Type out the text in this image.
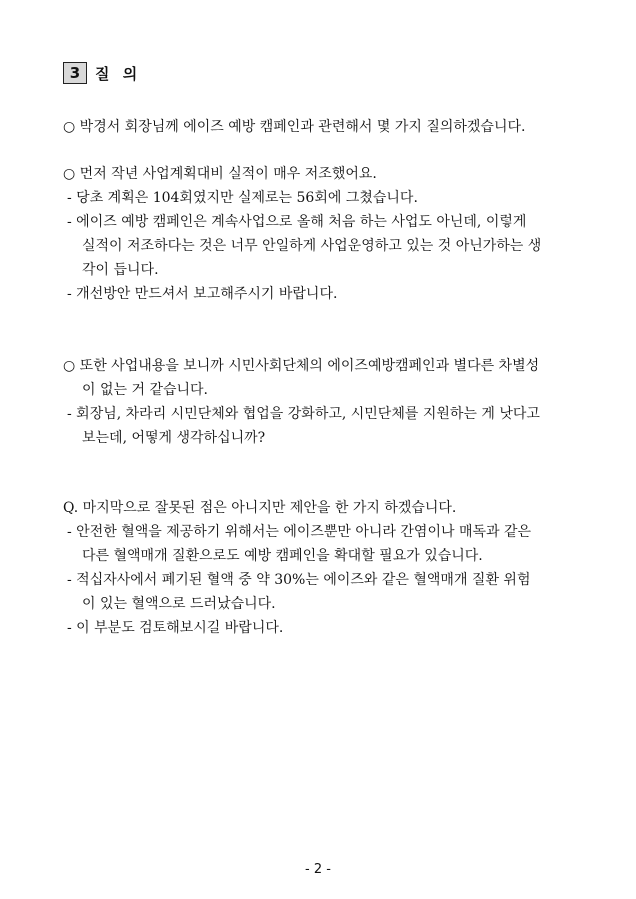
3 질 의
○ 박경서 회장님께 에이즈 예방 캠페인과 관련해서 몇 가지 질의하겠습니다.
○ 먼저 작년 사업계획대비 실적이 매우 저조했어요.
- 당초 계획은 104회였지만 실제로는 56회에 그쳤습니다.
- 에이즈 예방 캠페인은 계속사업으로 올해 처음 하는 사업도 아닌데, 이렇게
실적이 저조하다는 것은 너무 안일하게 사업운영하고 있는 것 아닌가하는 생
각이 듭니다.
- 개선방안 만드셔서 보고해주시기 바랍니다.
○ 또한 사업내용을 보니까 시민사회단체의 에이즈예방캠페인과 별다른 차별성
이 없는 거 같습니다.
- 회장님, 차라리 시민단체와 협업을 강화하고, 시민단체를 지원하는 게 낫다고
보는데, 어떻게 생각하십니까?
Q. 마지막으로 잘못된 점은 아니지만 제안을 한 가지 하겠습니다.
- 안전한 혈액을 제공하기 위해서는 에이즈뿐만 아니라 간염이나 매독과 같은
다른 혈액매개 질환으로도 예방 캠페인을 확대할 필요가 있습니다.
- 적십자사에서 폐기된 혈액 중 약 30%는 에이즈와 같은 혈액매개 질환 위험
이 있는 혈액으로 드러났습니다.
- 이 부분도 검토해보시길 바랍니다.
- 2 -
